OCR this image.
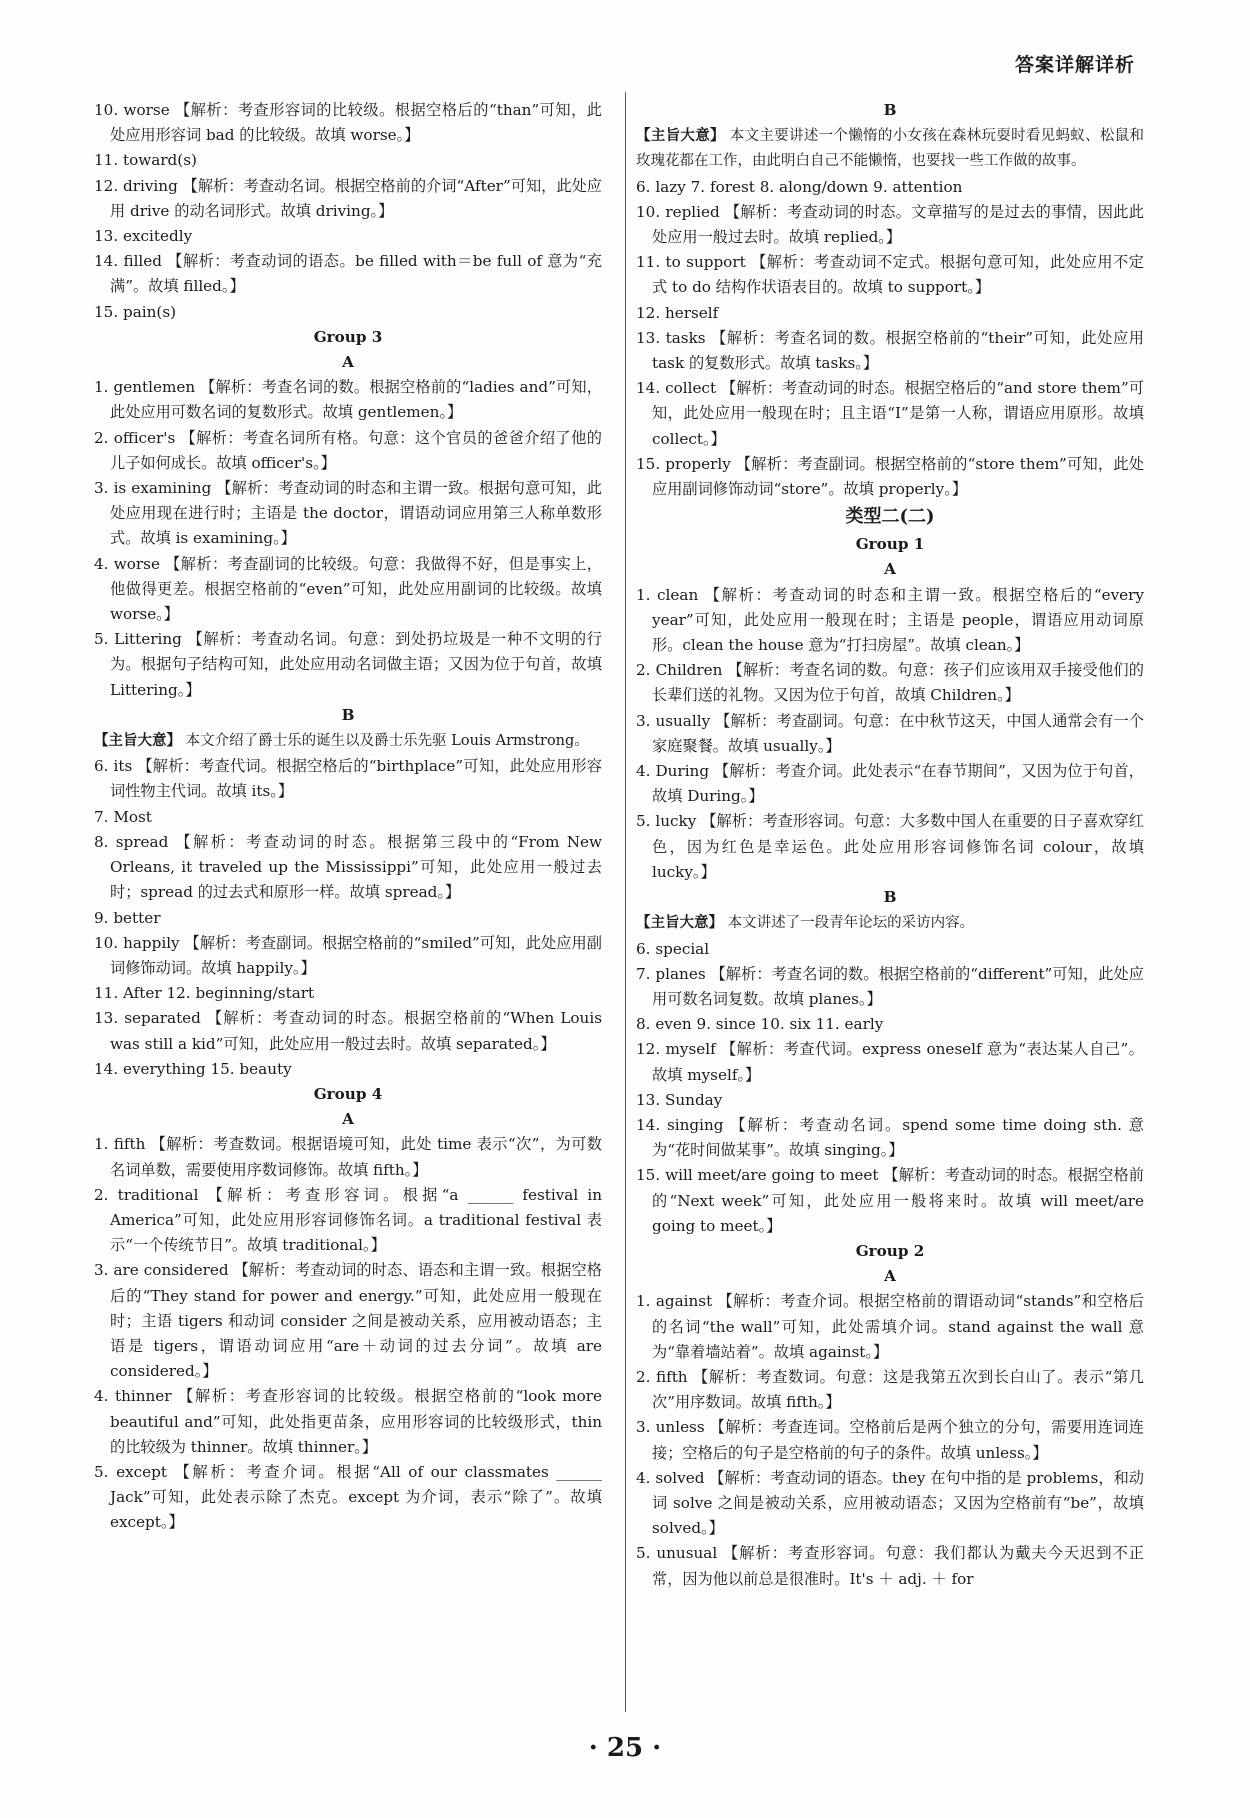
答案详解详析
10. worse 【解析：考查形容词的比较级。根据空格后的“than”可知，此处应用形容词 bad 的比较级。故填 worse。】
11. toward(s)
12. driving 【解析：考查动名词。根据空格前的介词“After”可知，此处应用 drive 的动名词形式。故填 driving。】
13. excitedly
14. filled 【解析：考查动词的语态。be filled with＝be full of 意为“充满”。故填 filled。】
15. pain(s)
Group 3
A
1. gentlemen 【解析：考查名词的数。根据空格前的“ladies and”可知，此处应用可数名词的复数形式。故填 gentlemen。】
2. officer's 【解析：考查名词所有格。句意：这个官员的爸爸介绍了他的儿子如何成长。故填 officer's。】
3. is examining 【解析：考查动词的时态和主谓一致。根据句意可知，此处应用现在进行时；主语是 the doctor，谓语动词应用第三人称单数形式。故填 is examining。】
4. worse 【解析：考查副词的比较级。句意：我做得不好，但是事实上，他做得更差。根据空格前的“even”可知，此处应用副词的比较级。故填 worse。】
5. Littering 【解析：考查动名词。句意：到处扔垃圾是一种不文明的行为。根据句子结构可知，此处应用动名词做主语；又因为位于句首，故填 Littering。】
B
【主旨大意】 本文介绍了爵士乐的诞生以及爵士乐先驱 Louis Armstrong。
6. its 【解析：考查代词。根据空格后的“birthplace”可知，此处应用形容词性物主代词。故填 its。】
7. Most
8. spread 【解析：考查动词的时态。根据第三段中的“From New Orleans, it traveled up the Mississippi”可知，此处应用一般过去时；spread 的过去式和原形一样。故填 spread。】
9. better
10. happily 【解析：考查副词。根据空格前的“smiled”可知，此处应用副词修饰动词。故填 happily。】
11. After 12. beginning/start
13. separated 【解析：考查动词的时态。根据空格前的“When Louis was still a kid”可知，此处应用一般过去时。故填 separated。】
14. everything 15. beauty
Group 4
A
1. fifth 【解析：考查数词。根据语境可知，此处 time 表示“次”，为可数名词单数，需要使用序数词修饰。故填 fifth。】
2. traditional 【解析：考查形容词。根据“a ______ festival in America”可知，此处应用形容词修饰名词。a traditional festival 表示“一个传统节日”。故填 traditional。】
3. are considered 【解析：考查动词的时态、语态和主谓一致。根据空格后的“They stand for power and energy.”可知，此处应用一般现在时；主语 tigers 和动词 consider 之间是被动关系，应用被动语态；主语是 tigers，谓语动词应用“are＋动词的过去分词”。故填 are considered。】
4. thinner 【解析：考查形容词的比较级。根据空格前的“look more beautiful and”可知，此处指更苗条，应用形容词的比较级形式，thin 的比较级为 thinner。故填 thinner。】
5. except 【解析：考查介词。根据“All of our classmates ______ Jack”可知，此处表示除了杰克。except 为介词，表示“除了”。故填 except。】
B
【主旨大意】 本文主要讲述一个懒惰的小女孩在森林玩耍时看见蚂蚁、松鼠和玫瑰花都在工作，由此明白自己不能懒惰，也要找一些工作做的故事。
6. lazy 7. forest 8. along/down 9. attention
10. replied 【解析：考查动词的时态。文章描写的是过去的事情，因此此处应用一般过去时。故填 replied。】
11. to support 【解析：考查动词不定式。根据句意可知，此处应用不定式 to do 结构作状语表目的。故填 to support。】
12. herself
13. tasks 【解析：考查名词的数。根据空格前的“their”可知，此处应用 task 的复数形式。故填 tasks。】
14. collect 【解析：考查动词的时态。根据空格后的“and store them”可知，此处应用一般现在时；且主语“I”是第一人称，谓语应用原形。故填 collect。】
15. properly 【解析：考查副词。根据空格前的“store them”可知，此处应用副词修饰动词“store”。故填 properly。】
类型二(二)
Group 1
A
1. clean 【解析：考查动词的时态和主谓一致。根据空格后的“every year”可知，此处应用一般现在时；主语是 people，谓语应用动词原形。clean the house 意为“打扫房屋”。故填 clean。】
2. Children 【解析：考查名词的数。句意：孩子们应该用双手接受他们的长辈们送的礼物。又因为位于句首，故填 Children。】
3. usually 【解析：考查副词。句意：在中秋节这天，中国人通常会有一个家庭聚餐。故填 usually。】
4. During 【解析：考查介词。此处表示“在春节期间”，又因为位于句首，故填 During。】
5. lucky 【解析：考查形容词。句意：大多数中国人在重要的日子喜欢穿红色，因为红色是幸运色。此处应用形容词修饰名词 colour，故填 lucky。】
B
【主旨大意】 本文讲述了一段青年论坛的采访内容。
6. special
7. planes 【解析：考查名词的数。根据空格前的“different”可知，此处应用可数名词复数。故填 planes。】
8. even 9. since 10. six 11. early
12. myself 【解析：考查代词。express oneself 意为“表达某人自己”。故填 myself。】
13. Sunday
14. singing 【解析：考查动名词。spend some time doing sth. 意为“花时间做某事”。故填 singing。】
15. will meet/are going to meet 【解析：考查动词的时态。根据空格前的“Next week”可知，此处应用一般将来时。故填 will meet/are going to meet。】
Group 2
A
1. against 【解析：考查介词。根据空格前的谓语动词“stands”和空格后的名词“the wall”可知，此处需填介词。stand against the wall 意为“靠着墙站着”。故填 against。】
2. fifth 【解析：考查数词。句意：这是我第五次到长白山了。表示“第几次”用序数词。故填 fifth。】
3. unless 【解析：考查连词。空格前后是两个独立的分句，需要用连词连接；空格后的句子是空格前的句子的条件。故填 unless。】
4. solved 【解析：考查动词的语态。they 在句中指的是 problems，和动词 solve 之间是被动关系，应用被动语态；又因为空格前有“be”，故填 solved。】
5. unusual 【解析：考查形容词。句意：我们都认为戴夫今天迟到不正常，因为他以前总是很准时。It's ＋ adj. ＋ for
· 25 ·
